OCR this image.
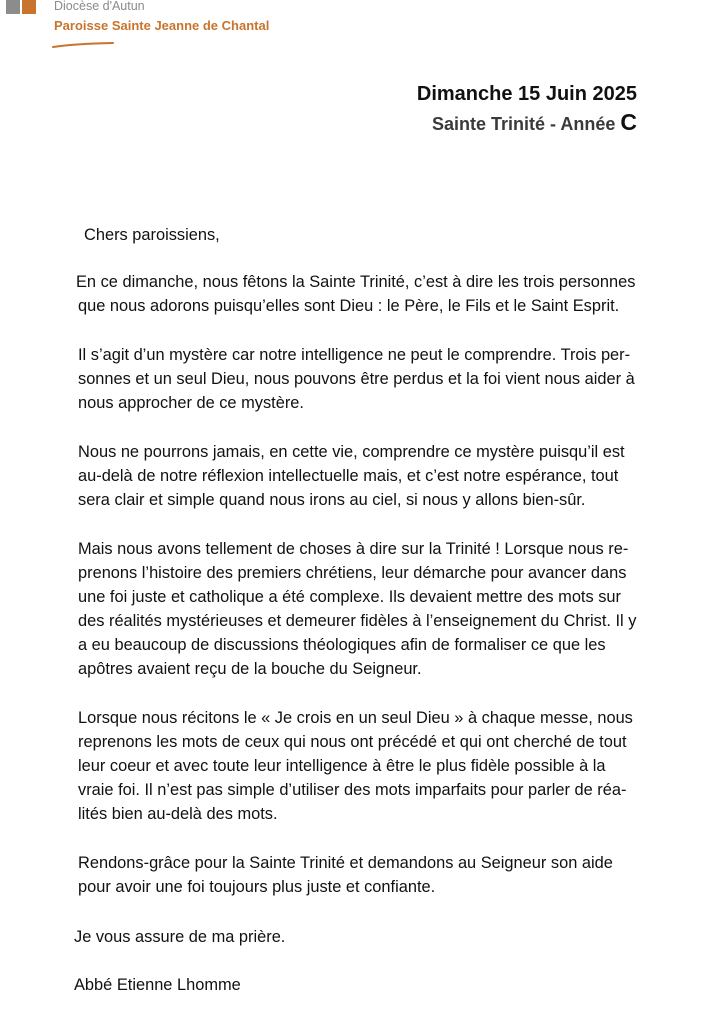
Diocèse d'Autun
Paroisse Sainte Jeanne de Chantal
Dimanche 15 Juin 2025
Sainte Trinité - Année C
Chers paroissiens,
En ce dimanche, nous fêtons la Sainte Trinité, c’est à dire les trois personnes
que nous adorons puisqu’elles sont Dieu : le Père, le Fils et le Saint Esprit.
Il s’agit d’un mystère car notre intelligence ne peut le comprendre. Trois per-
sonnes et un seul Dieu, nous pouvons être perdus et la foi vient nous aider à
nous approcher de ce mystère.
Nous ne pourrons jamais, en cette vie, comprendre ce mystère puisqu’il est
au-delà de notre réflexion intellectuelle mais, et c’est notre espérance, tout
sera clair et simple quand nous irons au ciel, si nous y allons bien-sûr.
Mais nous avons tellement de choses à dire sur la Trinité ! Lorsque nous re-
prenons l’histoire des premiers chrétiens, leur démarche pour avancer dans
une foi juste et catholique a été complexe. Ils devaient mettre des mots sur
des réalités mystérieuses et demeurer fidèles à l’enseignement du Christ. Il y
a eu beaucoup de discussions théologiques afin de formaliser ce que les
apôtres avaient reçu de la bouche du Seigneur.
Lorsque nous récitons le « Je crois en un seul Dieu » à chaque messe, nous
reprenons les mots de ceux qui nous ont précédé et qui ont cherché de tout
leur coeur et avec toute leur intelligence à être le plus fidèle possible à la
vraie foi. Il n’est pas simple d’utiliser des mots imparfaits pour parler de réa-
lités bien au-delà des mots.
Rendons-grâce pour la Sainte Trinité et demandons au Seigneur son aide
pour avoir une foi toujours plus juste et confiante.
Je vous assure de ma prière.
Abbé Etienne Lhomme
